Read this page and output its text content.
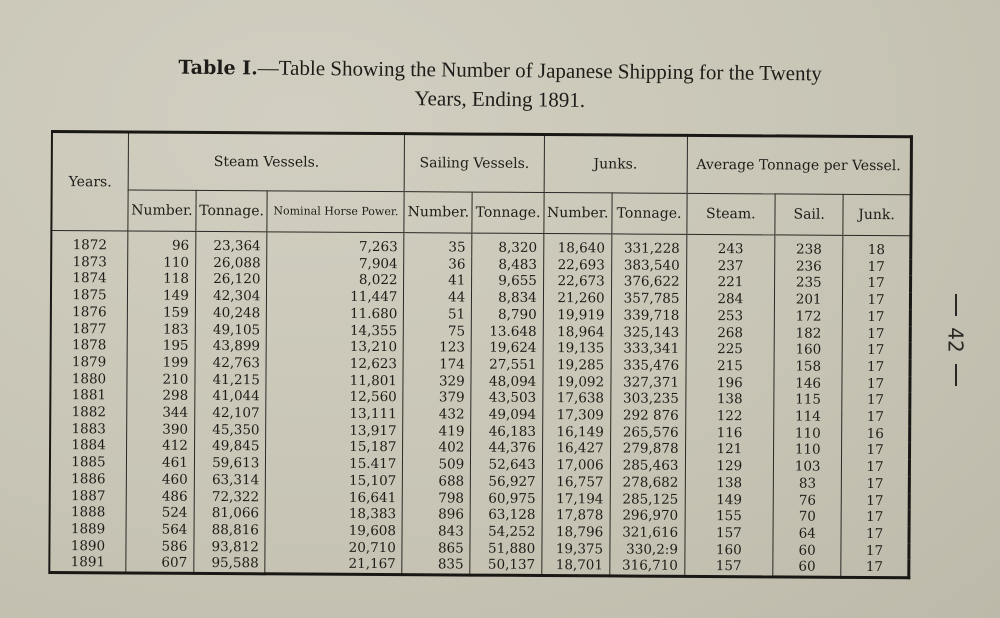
Table I.—Table Showing the Number of Japanese Shipping for the Twenty
Years, Ending 1891.
Years.	Steam Vessels.			Sailing Vessels.		Junks.		Average Tonnage per Vessel.		
	Number.	Tonnage.	Nominal Horse Power.	Number.	Tonnage.	Number.	Tonnage.	Steam.	Sail.	Junk.
1872	96	23,364	7,263	35	8,320	18,640	331,228	243	238	18
1873	110	26,088	7,904	36	8,483	22,693	383,540	237	236	17
1874	118	26,120	8,022	41	9,655	22,673	376,622	221	235	17
1875	149	42,304	11,447	44	8,834	21,260	357,785	284	201	17
1876	159	40,248	11.680	51	8,790	19,919	339,718	253	172	17
1877	183	49,105	14,355	75	13.648	18,964	325,143	268	182	17
1878	195	43,899	13,210	123	19,624	19,135	333,341	225	160	17
1879	199	42,763	12,623	174	27,551	19,285	335,476	215	158	17
1880	210	41,215	11,801	329	48,094	19,092	327,371	196	146	17
1881	298	41,044	12,560	379	43,503	17,638	303,235	138	115	17
1882	344	42,107	13,111	432	49,094	17,309	292 876	122	114	17
1883	390	45,350	13,917	419	46,183	16,149	265,576	116	110	16
1884	412	49,845	15,187	402	44,376	16,427	279,878	121	110	17
1885	461	59,613	15.417	509	52,643	17,006	285,463	129	103	17
1886	460	63,314	15,107	688	56,927	16,757	278,682	138	83	17
1887	486	72,322	16,641	798	60,975	17,194	285,125	149	76	17
1888	524	81,066	18,383	896	63,128	17,878	296,970	155	70	17
1889	564	88,816	19,608	843	54,252	18,796	321,616	157	64	17
1890	586	93,812	20,710	865	51,880	19,375	330,2:9	160	60	17
1891	607	95,588	21,167	835	50,137	18,701	316,710	157	60	17
42
